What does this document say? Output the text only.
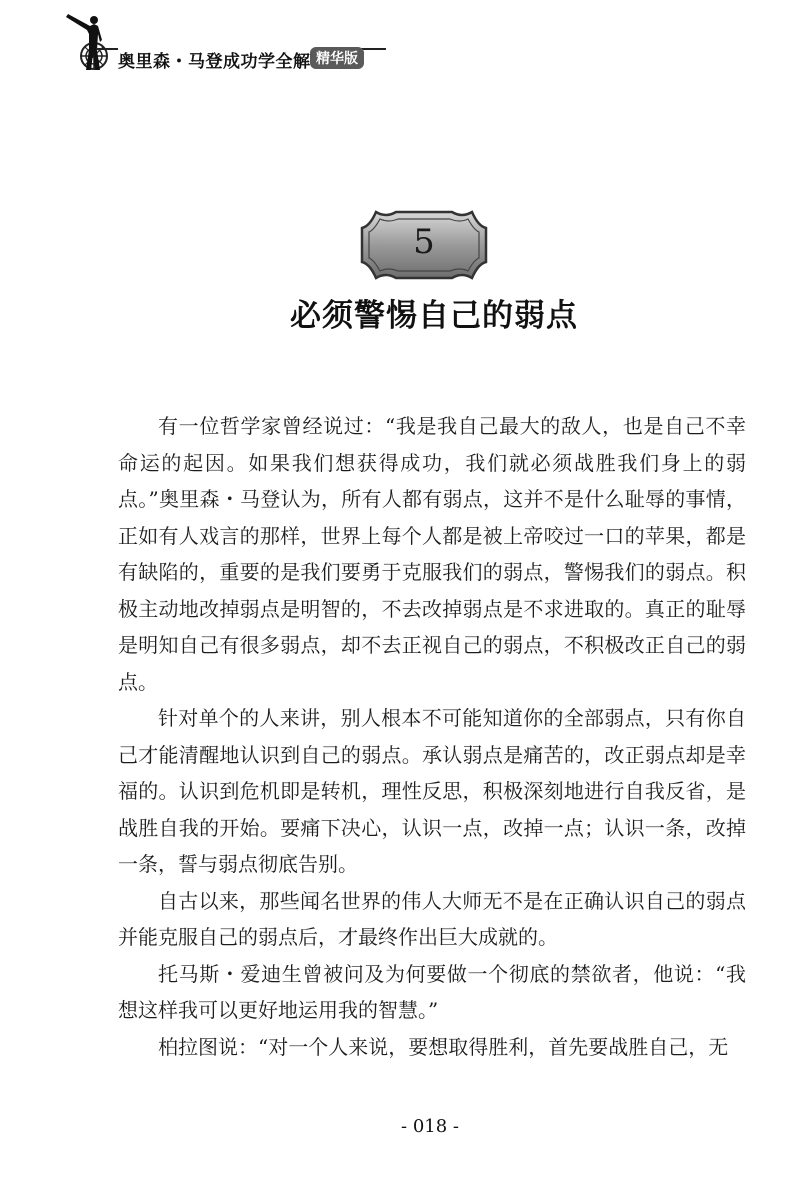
奥里森・马登成功学全解 精华版
5
必须警惕自己的弱点

有一位哲学家曾经说过：“我是我自己最大的敌人，也是自己不幸命运的起因。如果我们想获得成功，我们就必须战胜我们身上的弱点。”奥里森・马登认为，所有人都有弱点，这并不是什么耻辱的事情，正如有人戏言的那样，世界上每个人都是被上帝咬过一口的苹果，都是有缺陷的，重要的是我们要勇于克服我们的弱点，警惕我们的弱点。积极主动地改掉弱点是明智的，不去改掉弱点是不求进取的。真正的耻辱是明知自己有很多弱点，却不去正视自己的弱点，不积极改正自己的弱点。

针对单个的人来讲，别人根本不可能知道你的全部弱点，只有你自己才能清醒地认识到自己的弱点。承认弱点是痛苦的，改正弱点却是幸福的。认识到危机即是转机，理性反思，积极深刻地进行自我反省，是战胜自我的开始。要痛下决心，认识一点，改掉一点；认识一条，改掉一条，誓与弱点彻底告别。

自古以来，那些闻名世界的伟人大师无不是在正确认识自己的弱点并能克服自己的弱点后，才最终作出巨大成就的。

托马斯・爱迪生曾被问及为何要做一个彻底的禁欲者，他说：“我想这样我可以更好地运用我的智慧。”

柏拉图说：“对一个人来说，要想取得胜利，首先要战胜自己，无

- 018 -
